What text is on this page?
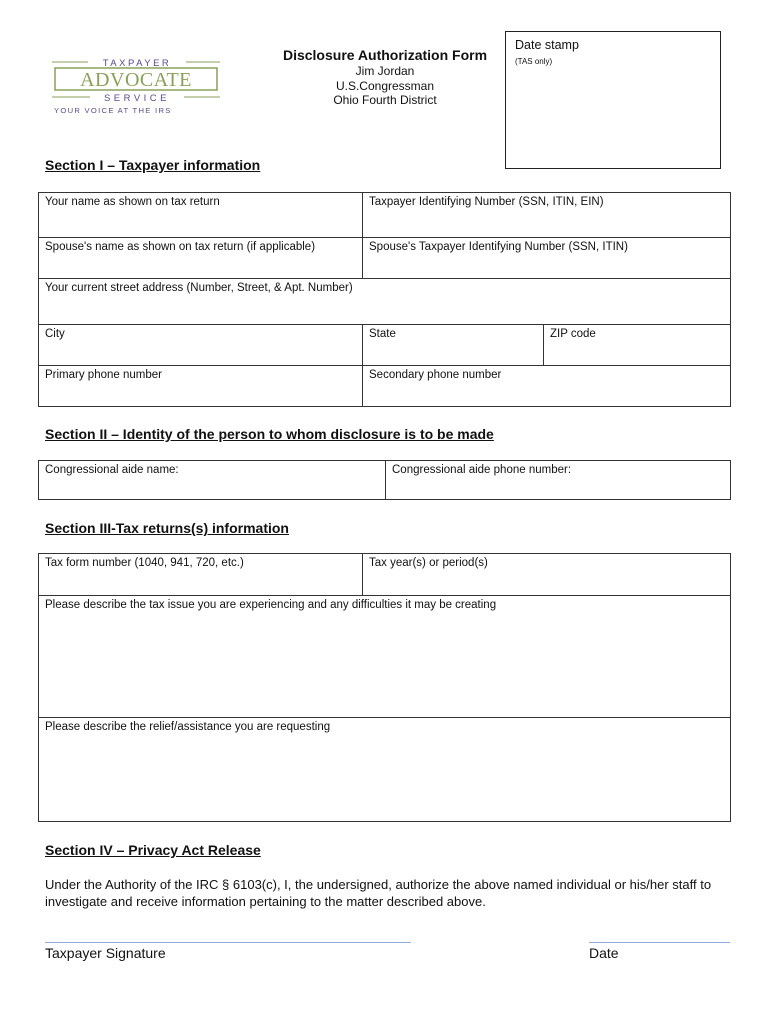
TAXPAYER
ADVOCATE
SERVICE
YOUR VOICE AT THE IRS
Disclosure Authorization Form
Jim Jordan
U.S.Congressman
Ohio Fourth District
Date stamp
(TAS only)
Section I – Taxpayer information
Your name as shown on tax return	Taxpayer Identifying Number (SSN, ITIN, EIN)
Spouse's name as shown on tax return (if applicable)	Spouse's Taxpayer Identifying Number (SSN, ITIN)
Your current street address (Number, Street, & Apt. Number)
City	State	ZIP code
Primary phone number	Secondary phone number
Section II – Identity of the person to whom disclosure is to be made
Congressional aide name:	Congressional aide phone number:
Section III-Tax returns(s) information
Tax form number (1040, 941, 720, etc.)	Tax year(s) or period(s)
Please describe the tax issue you are experiencing and any difficulties it may be creating
Please describe the relief/assistance you are requesting
Section IV – Privacy Act Release
Under the Authority of the IRC § 6103(c), I, the undersigned, authorize the above named individual or his/her staff to investigate and receive information pertaining to the matter described above.
Taxpayer Signature	Date
